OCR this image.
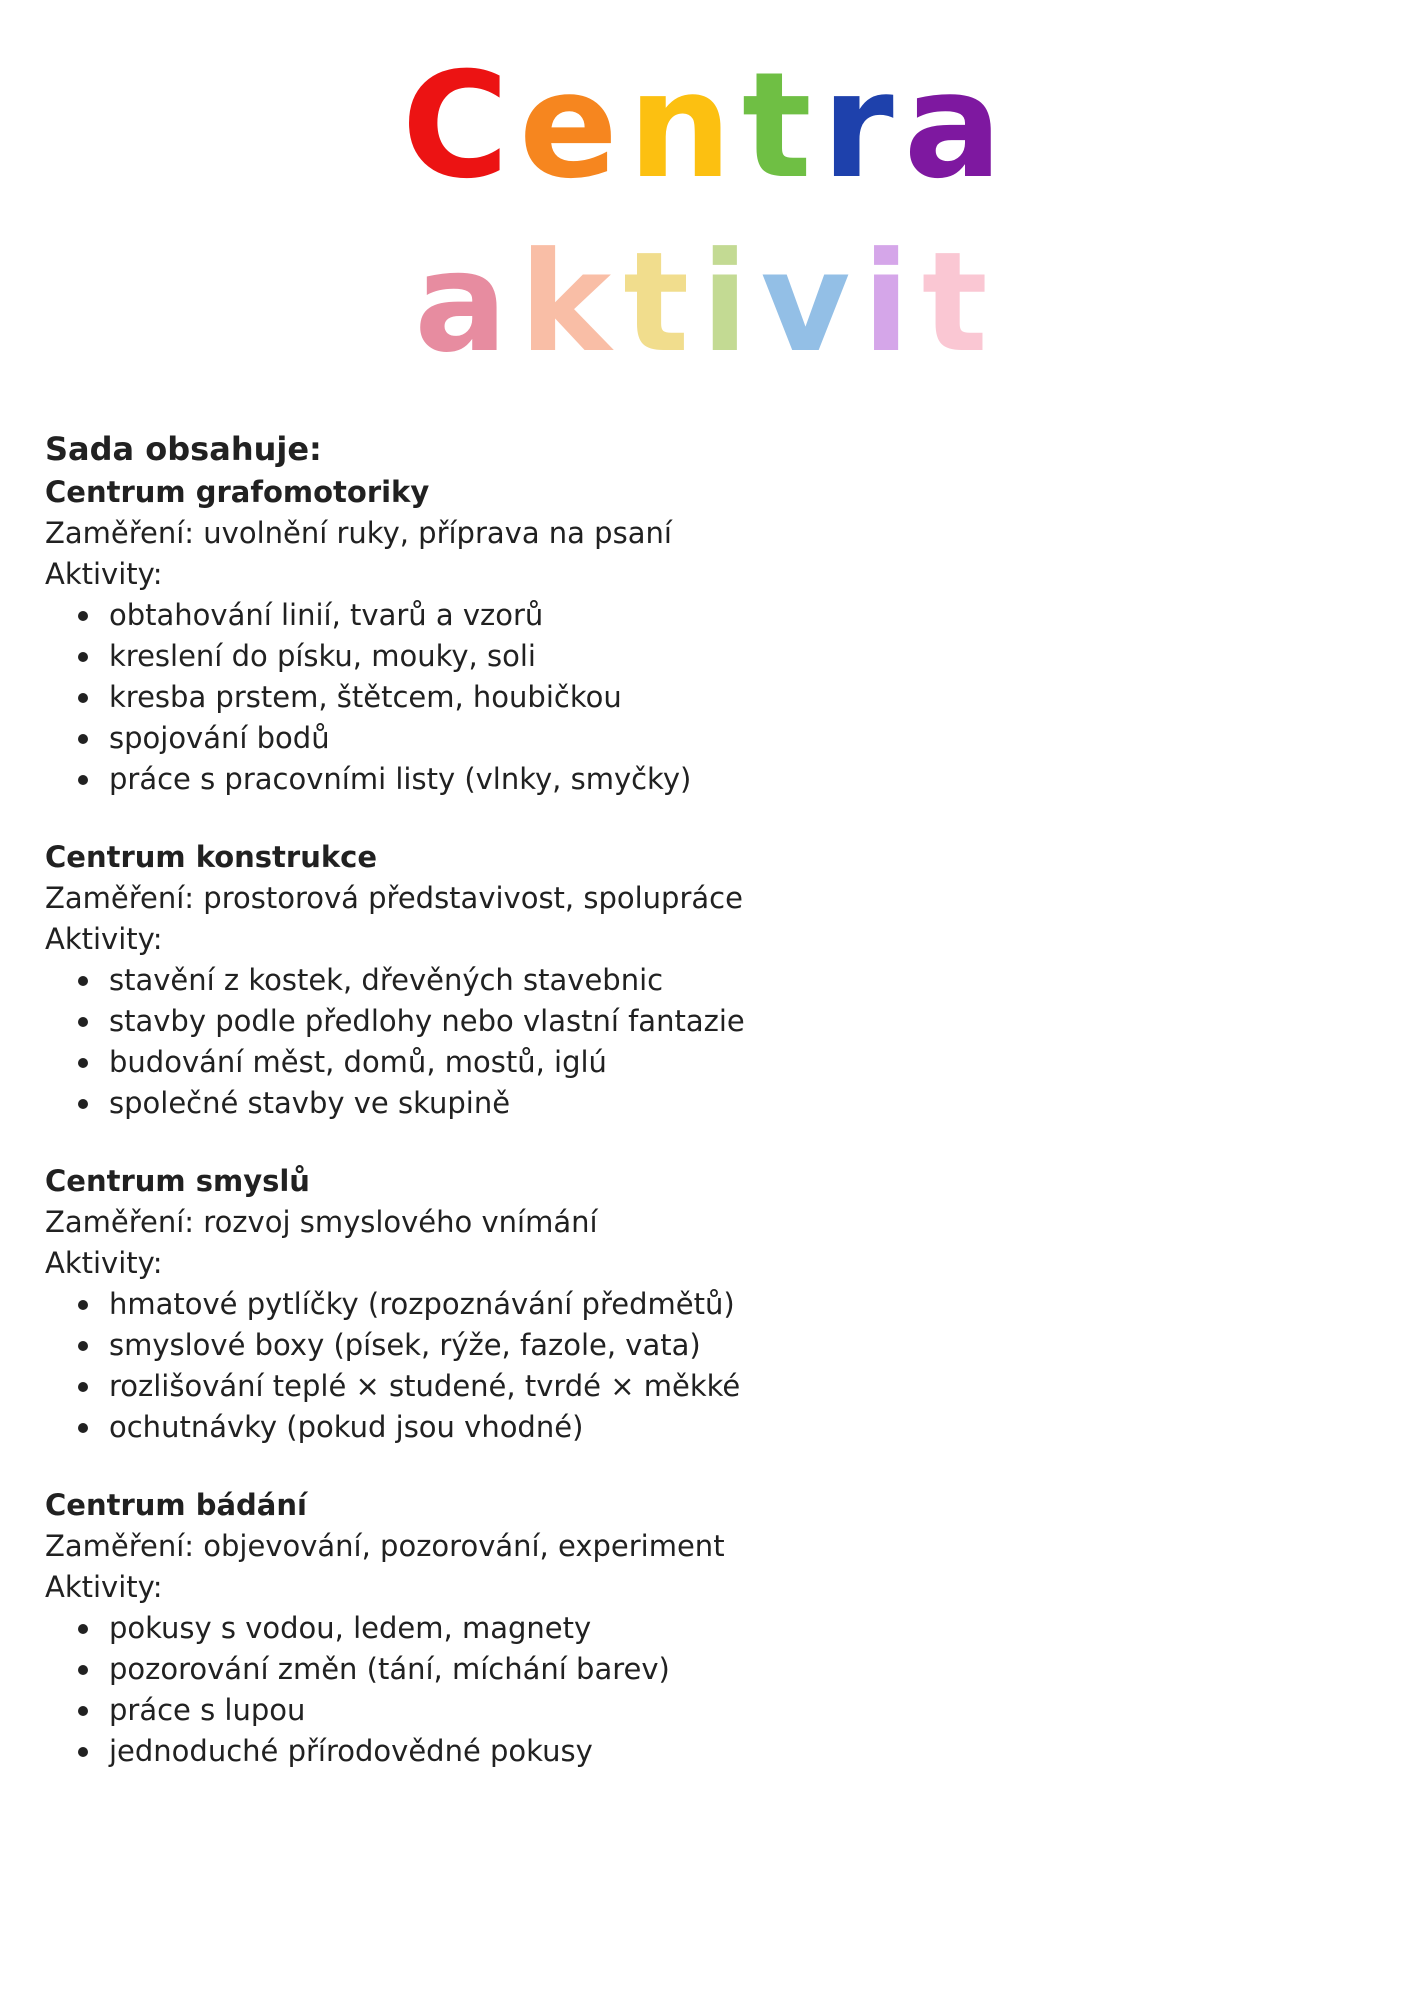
Centra
aktivit

Sada obsahuje:

Centrum grafomotoriky

Zaměření: uvolnění ruky, příprava na psaní

Aktivity:

obtahování linií, tvarů a vzorů
kreslení do písku, mouky, soli
kresba prstem, štětcem, houbičkou
spojování bodů
práce s pracovními listy (vlnky, smyčky)

Centrum konstrukce

Zaměření: prostorová představivost, spolupráce

Aktivity:

stavění z kostek, dřevěných stavebnic
stavby podle předlohy nebo vlastní fantazie
budování měst, domů, mostů, iglú
společné stavby ve skupině

Centrum smyslů

Zaměření: rozvoj smyslového vnímání

Aktivity:

hmatové pytlíčky (rozpoznávání předmětů)
smyslové boxy (písek, rýže, fazole, vata)
rozlišování teplé × studené, tvrdé × měkké
ochutnávky (pokud jsou vhodné)

Centrum bádání

Zaměření: objevování, pozorování, experiment

Aktivity:

pokusy s vodou, ledem, magnety
pozorování změn (tání, míchání barev)
práce s lupou
jednoduché přírodovědné pokusy
